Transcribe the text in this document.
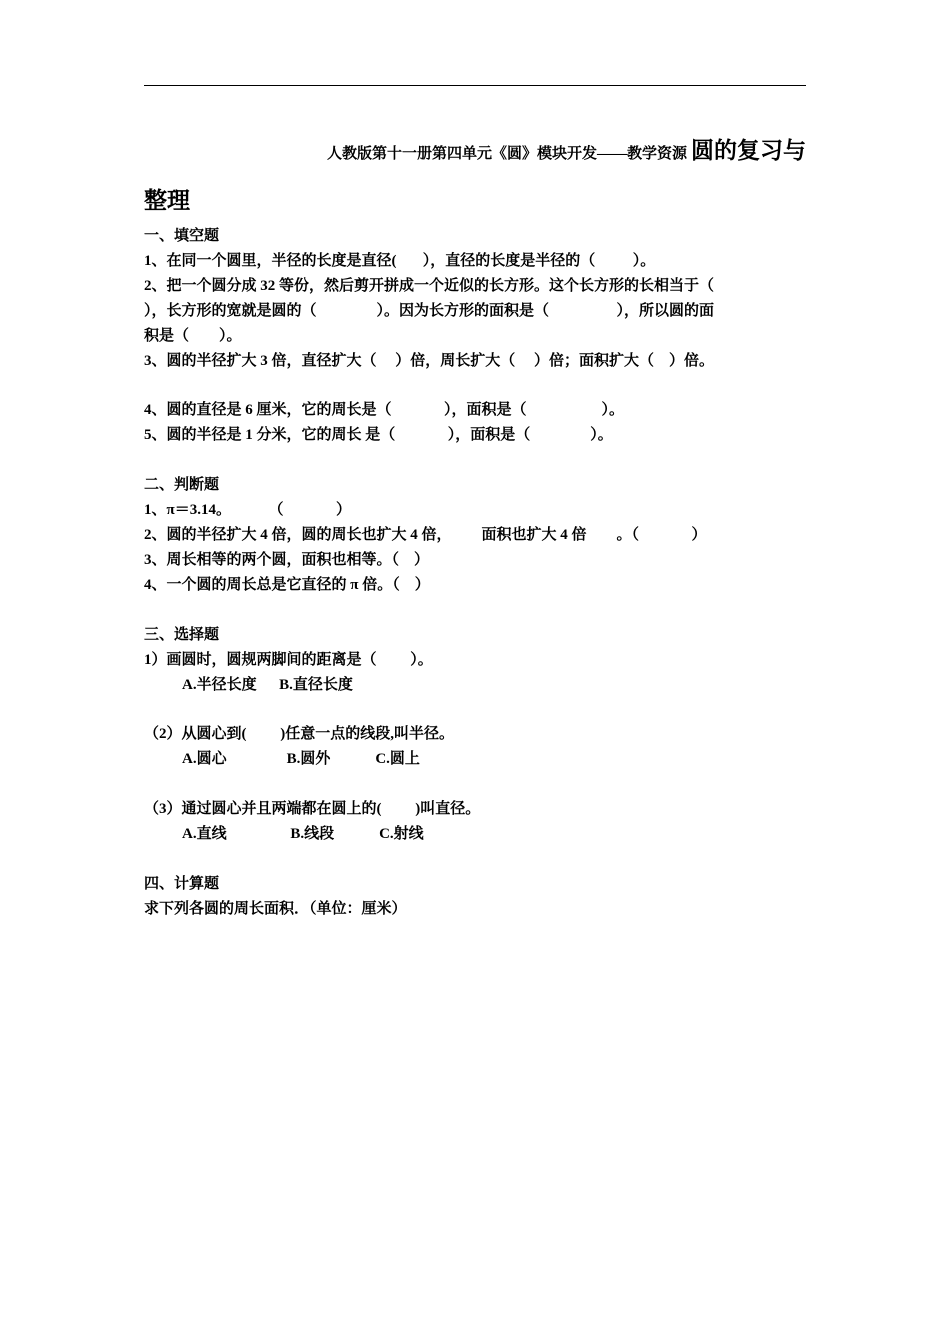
人教版第十一册第四单元《圆》模块开发——教学资源 圆的复习与
整理
一、填空题
1、在同一个圆里，半径的长度是直径(       ），直径的长度是半径的（          ）。
2、把一个圆分成 32 等份，然后剪开拼成一个近似的长方形。这个长方形的长相当于（
），长方形的宽就是圆的（                ）。因为长方形的面积是（                  ），所以圆的面
积是（        ）。
3、圆的半径扩大 3 倍，直径扩大（     ）倍，周长扩大（     ）倍；面积扩大（    ）倍。
4、圆的直径是 6 厘米，它的周长是（              ），面积是（                    ）。
5、圆的半径是 1 分米，它的周长 是（              ），面积是（                ）。
二、判断题
1、π＝3.14。          （              ）
2、圆的半径扩大 4 倍，圆的周长也扩大 4 倍，        面积也扩大 4 倍        。（              ）
3、周长相等的两个圆，面积也相等。（    ）
4、一个圆的周长总是它直径的 π 倍。（    ）
三、选择题
1）画圆时，圆规两脚间的距离是（         ）。
A.半径长度      B.直径长度
（2）从圆心到(         )任意一点的线段,叫半径。
A.圆心                B.圆外            C.圆上
（3）通过圆心并且两端都在圆上的(         )叫直径。
A.直线                 B.线段            C.射线
四、计算题
求下列各圆的周长面积．（单位：厘米）
